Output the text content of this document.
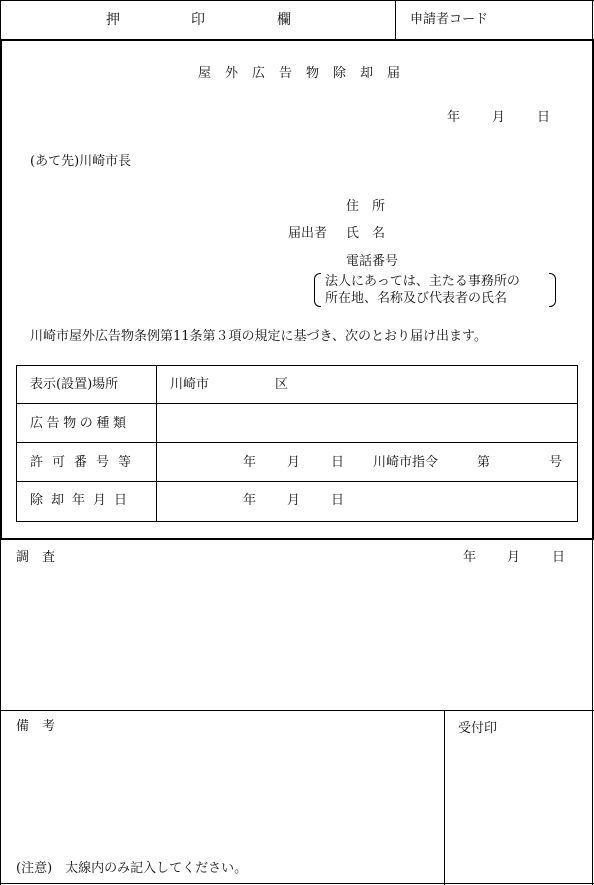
押	印	欄	申請者コード
屋外広告物除却届
年 月 日
(あて先)川崎市長
住　所
届出者 氏　名
電話番号
法人にあっては、主たる事務所の
所在地、名称及び代表者の氏名
川崎市屋外広告物条例第11条第３項の規定に基づき、次のとおり届け出ます。
表示(設置)場所	川崎市	区
広告物の種類
許可番号等	年 月 日 川崎市指令	第	号
除却年月日	年 月 日
調　査	年 月 日
備　考	受付印
(注意)　太線内のみ記入してください。
